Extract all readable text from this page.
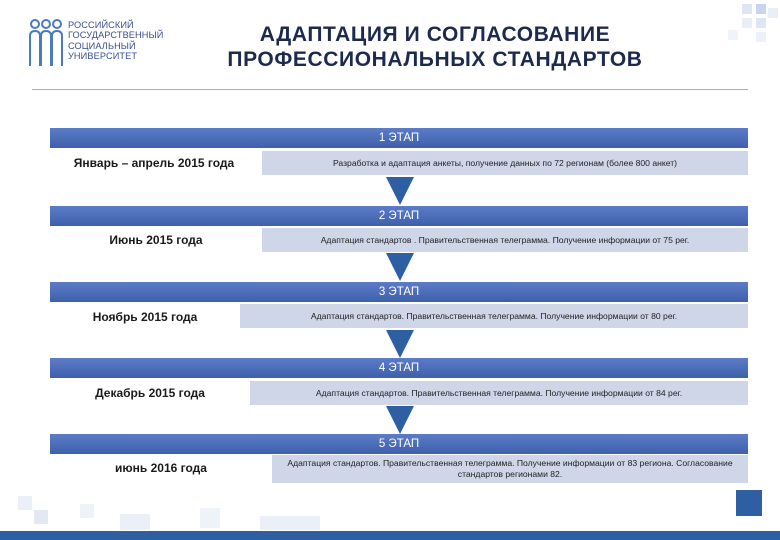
РОССИЙСКИЙ
ГОСУДАРСТВЕННЫЙ
СОЦИАЛЬНЫЙ
УНИВЕРСИТЕТ
АДАПТАЦИЯ И СОГЛАСОВАНИЕ
ПРОФЕССИОНАЛЬНЫХ СТАНДАРТОВ
1 ЭТАП
Январь – апрель 2015 года	Разработка и адаптация анкеты, получение данных по 72 регионам (более 800 анкет)
2 ЭТАП
Июнь 2015 года	Адаптация стандартов . Правительственная телеграмма. Получение информации от 75 рег.
3 ЭТАП
Ноябрь 2015 года	Адаптация стандартов. Правительственная телеграмма. Получение информации от 80 рег.
4 ЭТАП
Декабрь 2015 года	Адаптация стандартов. Правительственная телеграмма. Получение информации от 84 рег.
5 ЭТАП
июнь 2016 года	Адаптация стандартов. Правительственная телеграмма. Получение информации от 83 региона. Согласование стандартов регионами 82.
